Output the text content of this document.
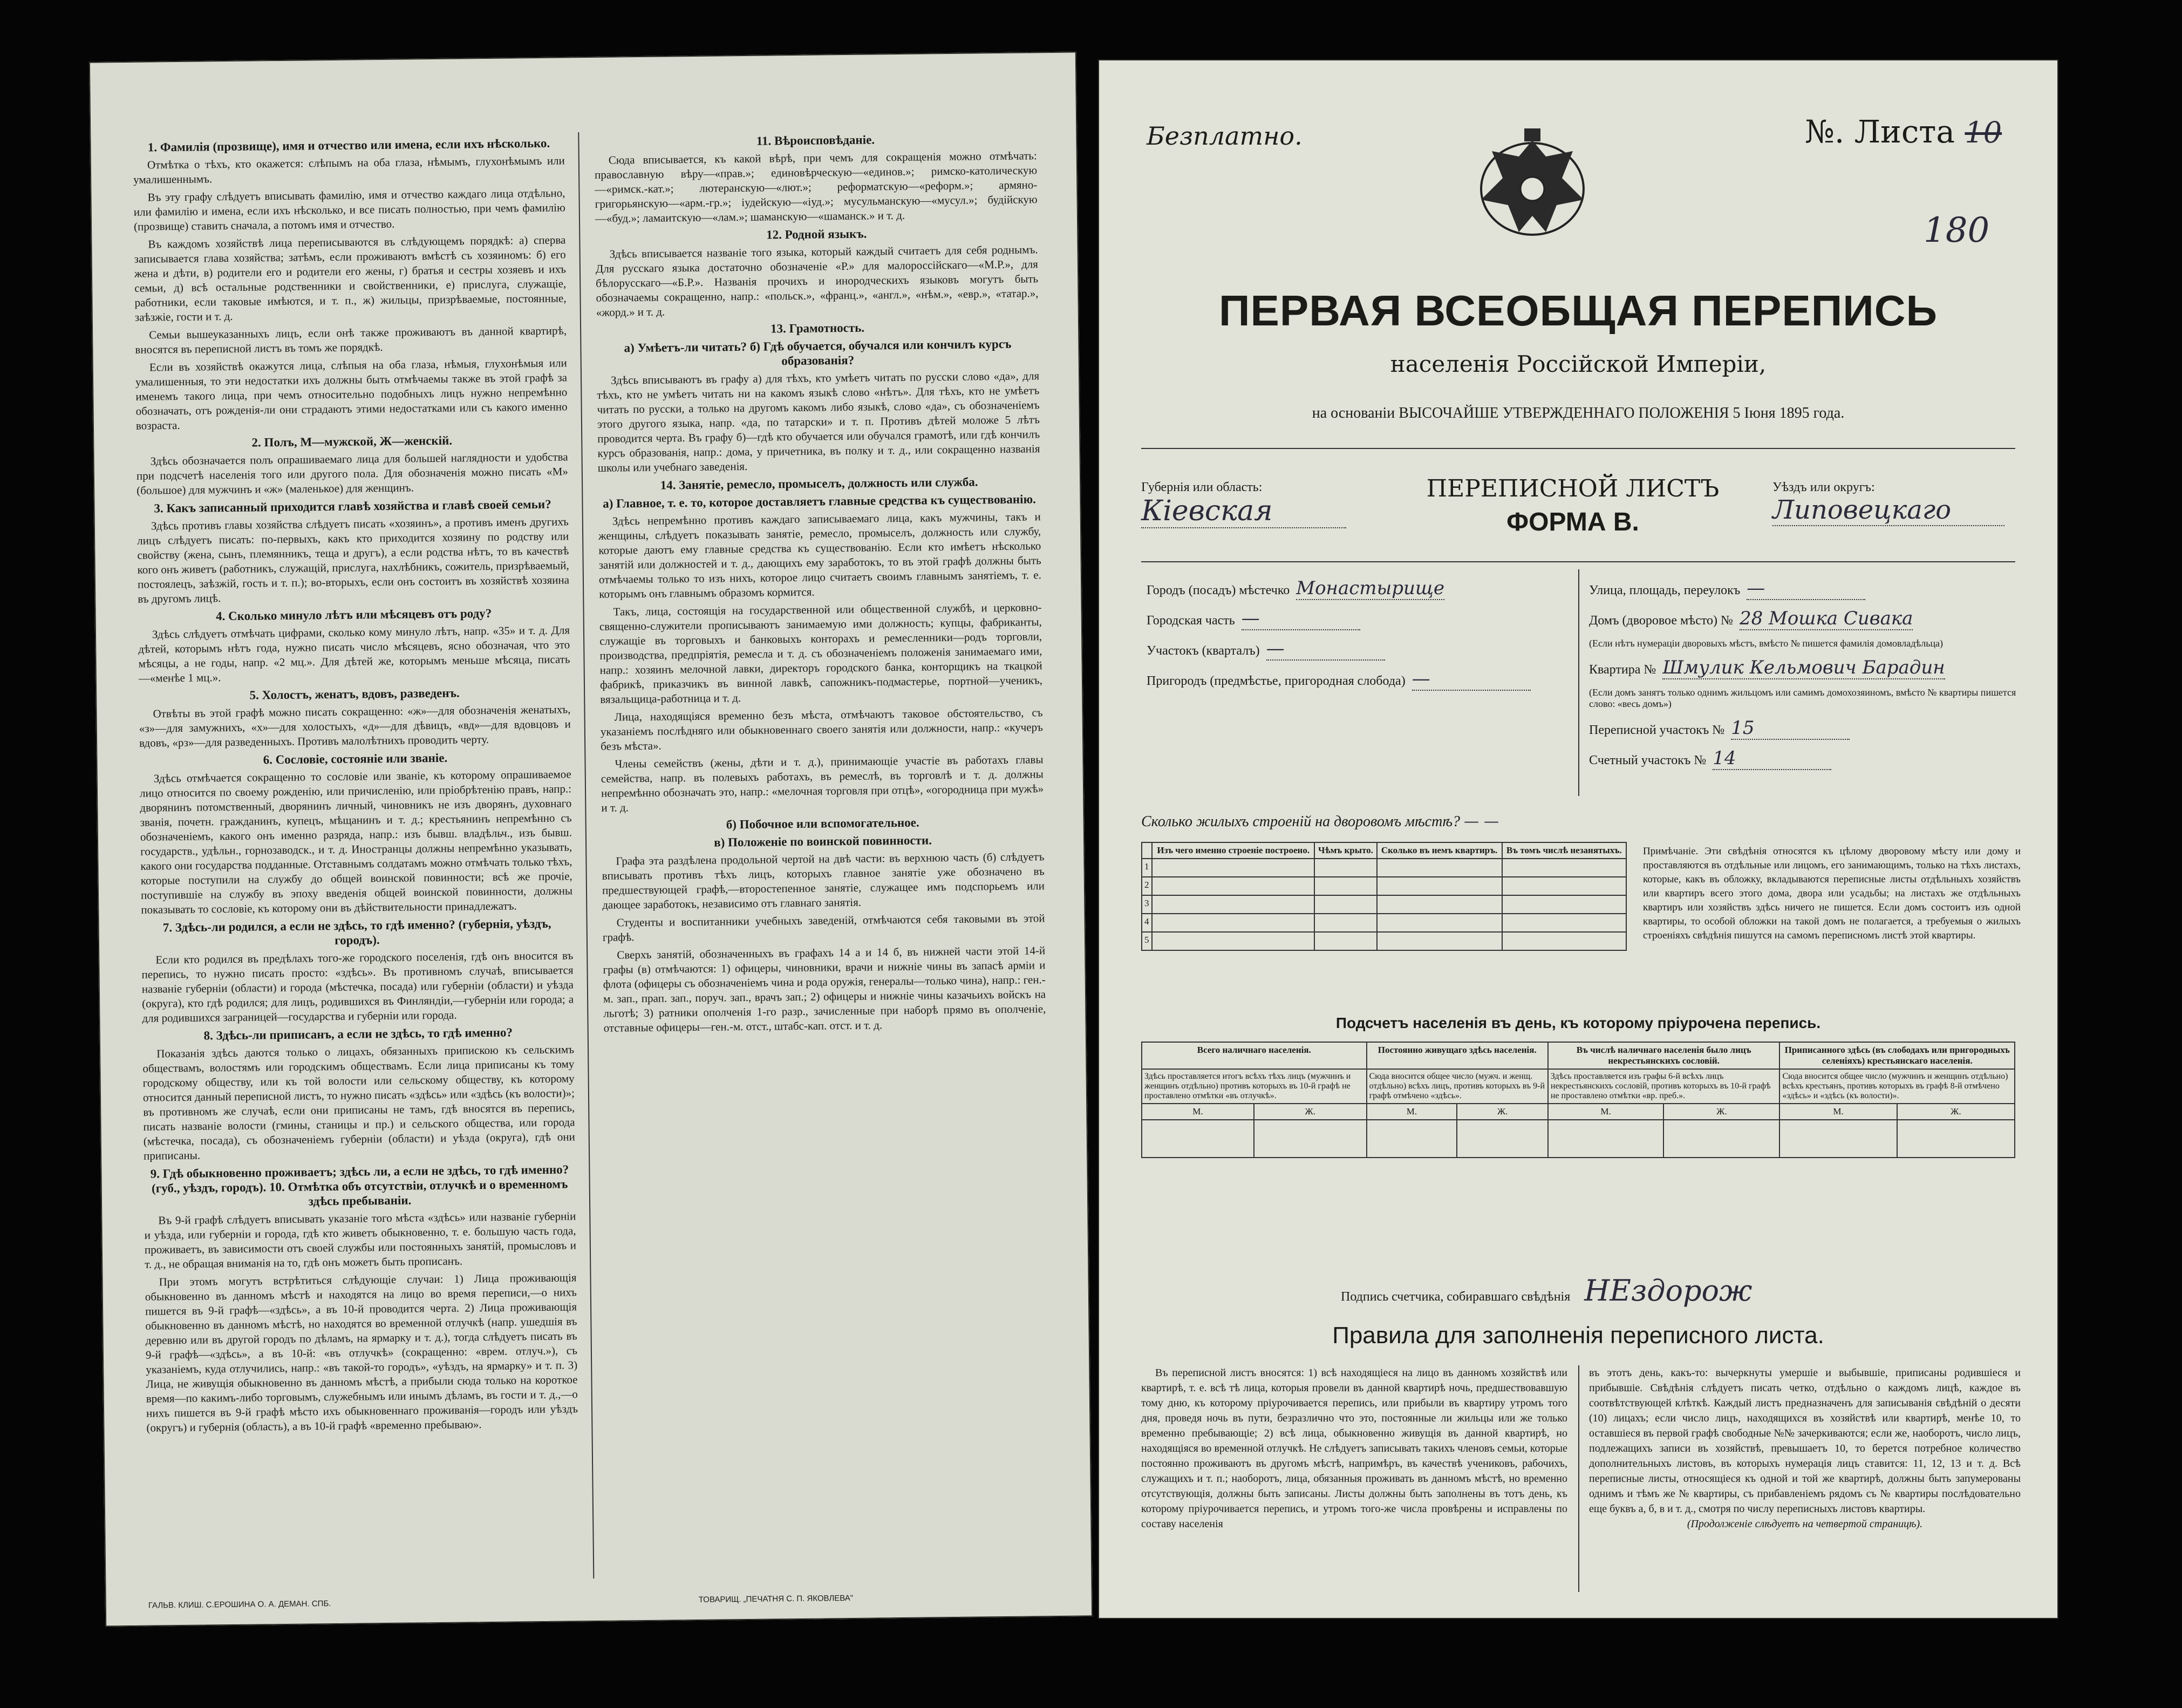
1. Фамилія (прозвище), имя и отчество или имена, если ихъ нѣсколько.

Отмѣтка о тѣхъ, кто окажется: слѣпымъ на оба глаза, нѣмымъ, глухонѣмымъ или умалишеннымъ.

Въ эту графу слѣдуетъ вписывать фамилію, имя и отчество каждаго лица отдѣльно, или фамилію и имена, если ихъ нѣсколько, и все писать полностью, при чемъ фамилію (прозвище) ставить сначала, а потомъ имя и отчество.

Въ каждомъ хозяйствѣ лица переписываются въ слѣдующемъ порядкѣ: а) сперва записывается глава хозяйства; затѣмъ, если проживаютъ вмѣстѣ съ хозяиномъ: б) его жена и дѣти, в) родители его и родители его жены, г) братья и сестры хозяевъ и ихъ семьи, д) всѣ остальные родственники и свойственники, е) прислуга, служащіе, работники, если таковые имѣются, и т. п., ж) жильцы, призрѣваемые, постоянные, заѣзжіе, гости и т. д.

Семьи вышеуказанныхъ лицъ, если онѣ также проживаютъ въ данной квартирѣ, вносятся въ переписной листъ въ томъ же порядкѣ.

Если въ хозяйствѣ окажутся лица, слѣпыя на оба глаза, нѣмыя, глухонѣмыя или умалишенныя, то эти недостатки ихъ должны быть отмѣчаемы также въ этой графѣ за именемъ такого лица, при чемъ относительно подобныхъ лицъ нужно непремѣнно обозначать, отъ рожденія-ли они страдаютъ этими недостатками или съ какого именно возраста.

2. Полъ, М—мужской, Ж—женскій.

Здѣсь обозначается полъ опрашиваемаго лица для большей наглядности и удобства при подсчетѣ населенія того или другого пола. Для обозначенія можно писать «М» (большое) для мужчинъ и «ж» (маленькое) для женщинъ.

3. Какъ записанный приходится главѣ хозяйства и главѣ своей семьи?

Здѣсь противъ главы хозяйства слѣдуетъ писать «хозяинъ», а противъ именъ другихъ лицъ слѣдуетъ писать: по-первыхъ, какъ кто приходится хозяину по родству или свойству (жена, сынъ, племянникъ, теща и другъ), а если родства нѣтъ, то въ качествѣ кого онъ живетъ (работникъ, служащій, прислуга, нахлѣбникъ, сожитель, призрѣваемый, постоялецъ, заѣзжій, гость и т. п.); во-вторыхъ, если онъ состоитъ въ хозяйствѣ хозяина въ другомъ лицѣ.

4. Сколько минуло лѣтъ или мѣсяцевъ отъ роду?

Здѣсь слѣдуетъ отмѣчать цифрами, сколько кому минуло лѣтъ, напр. «35» и т. д. Для дѣтей, которымъ нѣтъ года, нужно писать число мѣсяцевъ, ясно обозначая, что это мѣсяцы, а не годы, напр. «2 мц.». Для дѣтей же, которымъ меньше мѣсяца, писать—«менѣе 1 мц.».

5. Холостъ, женатъ, вдовъ, разведенъ.

Отвѣты въ этой графѣ можно писать сокращенно: «ж»—для обозначенія женатыхъ, «з»—для замужнихъ, «х»—для холостыхъ, «д»—для дѣвицъ, «вд»—для вдовцовъ и вдовъ, «рз»—для разведенныхъ. Противъ малолѣтнихъ проводить черту.

6. Сословіе, состояніе или званіе.

Здѣсь отмѣчается сокращенно то сословіе или званіе, къ которому опрашиваемое лицо относится по своему рожденію, или причисленію, или пріобрѣтенію правъ, напр.: дворянинъ потомственный, дворянинъ личный, чиновникъ не изъ дворянъ, духовнаго званія, почетн. гражданинъ, купецъ, мѣщанинъ и т. д.; крестьянинъ непремѣнно съ обозначеніемъ, какого онъ именно разряда, напр.: изъ бывш. владѣльч., изъ бывш. государств., удѣльн., горнозаводск., и т. д. Иностранцы должны непремѣнно указывать, какого они государства подданные. Отставнымъ солдатамъ можно отмѣчать только тѣхъ, которые поступили на службу до общей воинской повинности; всѣ же прочіе, поступившіе на службу въ эпоху введенія общей воинской повинности, должны показывать то сословіе, къ которому они въ дѣйствительности принадлежатъ.

7. Здѣсь-ли родился, а если не здѣсь, то гдѣ именно? (губернія, уѣздъ, городъ).

Если кто родился въ предѣлахъ того-же городского поселенія, гдѣ онъ вносится въ перепись, то нужно писать просто: «здѣсь». Въ противномъ случаѣ, вписывается названіе губерніи (области) и города (мѣстечка, посада) или губерніи (области) и уѣзда (округа), кто гдѣ родился; для лицъ, родившихся въ Финляндіи,—губерніи или города; а для родившихся заграницей—государства и губерніи или города.

8. Здѣсь-ли приписанъ, а если не здѣсь, то гдѣ именно?

Показанія здѣсь даются только о лицахъ, обязанныхъ припискою къ сельскимъ обществамъ, волостямъ или городскимъ обществамъ. Если лица приписаны къ тому городскому обществу, или къ той волости или сельскому обществу, къ которому относится данный переписной листъ, то нужно писать «здѣсь» или «здѣсь (къ волости)»; въ противномъ же случаѣ, если они приписаны не тамъ, гдѣ вносятся въ перепись, писать названіе волости (гмины, станицы и пр.) и сельского общества, или города (мѣстечка, посада), съ обозначеніемъ губерніи (области) и уѣзда (округа), гдѣ они приписаны.

9. Гдѣ обыкновенно проживаетъ; здѣсь ли, а если не здѣсь, то гдѣ именно? (губ., уѣздъ, городъ). 10. Отмѣтка объ отсутствіи, отлучкѣ и о временномъ здѣсь пребываніи.

Въ 9-й графѣ слѣдуетъ вписывать указаніе того мѣста «здѣсь» или названіе губерніи и уѣзда, или губерніи и города, гдѣ кто живетъ обыкновенно, т. е. большую часть года, проживаетъ, въ зависимости отъ своей службы или постоянныхъ занятій, промысловъ и т. д., не обращая вниманія на то, гдѣ онъ можетъ быть прописанъ.

При этомъ могутъ встрѣтиться слѣдующіе случаи: 1) Лица проживающія обыкновенно въ данномъ мѣстѣ и находятся на лицо во время переписи,—о нихъ пишется въ 9-й графѣ—«здѣсь», а въ 10-й проводится черта. 2) Лица проживающія обыкновенно въ данномъ мѣстѣ, но находятся во временной отлучкѣ (напр. ушедшія въ деревню или въ другой городъ по дѣламъ, на ярмарку и т. д.), тогда слѣдуетъ писать въ 9-й графѣ—«здѣсь», а въ 10-й: «въ отлучкѣ» (сокращенно: «врем. отлуч.»), съ указаніемъ, куда отлучились, напр.: «въ такой-то городъ», «уѣздъ, на ярмарку» и т. п. 3) Лица, не живущія обыкновенно въ данномъ мѣстѣ, а прибыли сюда только на короткое время—по какимъ-либо торговымъ, служебнымъ или инымъ дѣламъ, въ гости и т. д.,—о нихъ пишется въ 9-й графѣ мѣсто ихъ обыкновеннаго проживанія—городъ или уѣздъ (округъ) и губернія (область), а въ 10-й графѣ «временно пребываю».

11. Вѣроисповѣданіе.

Сюда вписывается, къ какой вѣрѣ, при чемъ для сокращенія можно отмѣчать: православную вѣру—«прав.»; единовѣрческую—«единов.»; римско-католическую—«римск.-кат.»; лютеранскую—«лют.»; реформатскую—«реформ.»; армяно-григорьянскую—«арм.-гр.»; іудейскую—«іуд.»; мусульманскую—«мусул.»; будійскую—«буд.»; ламаитскую—«лам.»; шаманскую—«шаманск.» и т. д.

12. Родной языкъ.

Здѣсь вписывается названіе того языка, который каждый считаетъ для себя роднымъ. Для русскаго языка достаточно обозначеніе «Р.» для малороссійскаго—«М.Р.», для бѣлорусскаго—«Б.Р.». Названія прочихъ и инородческихъ языковъ могутъ быть обозначаемы сокращенно, напр.: «польск.», «франц.», «англ.», «нѣм.», «евр.», «татар.», «жорд.» и т. д.

13. Грамотность.
а) Умѣетъ-ли читать? б) Гдѣ обучается, обучался или кончилъ курсъ образованія?

Здѣсь вписываютъ въ графу а) для тѣхъ, кто умѣетъ читать по русски слово «да», для тѣхъ, кто не умѣетъ читать ни на какомъ языкѣ слово «нѣтъ». Для тѣхъ, кто не умѣетъ читать по русски, а только на другомъ какомъ либо языкѣ, слово «да», съ обозначеніемъ этого другого языка, напр. «да, по татарски» и т. п. Противъ дѣтей моложе 5 лѣтъ проводится черта. Въ графу б)—гдѣ кто обучается или обучался грамотѣ, или гдѣ кончилъ курсъ образованія, напр.: дома, у причетника, въ полку и т. д., или сокращенно названія школы или учебнаго заведенія.

14. Занятіе, ремесло, промыселъ, должность или служба.
а) Главное, т. е. то, которое доставляетъ главные средства къ существованію.

Здѣсь непремѣнно противъ каждаго записываемаго лица, какъ мужчины, такъ и женщины, слѣдуетъ показывать занятіе, ремесло, промыселъ, должность или службу, которые даютъ ему главные средства къ существованію. Если кто имѣетъ нѣсколько занятій или должностей и т. д., дающихъ ему заработокъ, то въ этой графѣ должны быть отмѣчаемы только то изъ нихъ, которое лицо считаетъ своимъ главнымъ занятіемъ, т. е. которымъ онъ главнымъ образомъ кормится.

Такъ, лица, состоящія на государственной или общественной службѣ, и церковно-священно-служители прописываютъ занимаемую ими должность; купцы, фабриканты, служащіе въ торговыхъ и банковыхъ конторахъ и ремесленники—родъ торговли, производства, предпріятія, ремесла и т. д. съ обозначеніемъ положенія занимаемаго ими, напр.: хозяинъ мелочной лавки, директоръ городского банка, конторщикъ на ткацкой фабрикѣ, приказчикъ въ винной лавкѣ, сапожникъ-подмастерье, портной—ученикъ, вязальщица-работница и т. д.

Лица, находящіяся временно безъ мѣста, отмѣчаютъ таковое обстоятельство, съ указаніемъ послѣдняго или обыкновеннаго своего занятія или должности, напр.: «кучеръ безъ мѣста».

Члены семействъ (жены, дѣти и т. д.), принимающіе участіе въ работахъ главы семейства, напр. въ полевыхъ работахъ, въ ремеслѣ, въ торговлѣ и т. д. должны непремѣнно обозначать это, напр.: «мелочная торговля при отцѣ», «огородница при мужѣ» и т. д.

б) Побочное или вспомогательное.
в) Положеніе по воинской повинности.

Графа эта раздѣлена продольной чертой на двѣ части: въ верхнюю часть (б) слѣдуетъ вписывать противъ тѣхъ лицъ, которыхъ главное занятіе уже обозначено въ предшествующей графѣ,—второстепенное занятіе, служащее имъ подспорьемъ или дающее заработокъ, независимо отъ главнаго занятія.

Студенты и воспитанники учебныхъ заведеній, отмѣчаются себя таковыми въ этой графѣ.

Сверхъ занятій, обозначенныхъ въ графахъ 14 а и 14 б, въ нижней части этой 14-й графы (в) отмѣчаются: 1) офицеры, чиновники, врачи и нижніе чины въ запасѣ арміи и флота (офицеры съ обозначеніемъ чина и рода оружія, генералы—только чина), напр.: ген.-м. зап., прап. зап., поруч. зап., врачъ зап.; 2) офицеры и нижніе чины казачьихъ войскъ на льготѣ; 3) ратники ополченія 1-го разр., зачисленные при наборѣ прямо въ ополченіе, отставные офицеры—ген.-м. отст., штабс-кап. отст. и т. д.

ГАЛЬВ. КЛИШ. С.ЕРОШИНА О. А. ДЕМАН. СПБ.
ТОВАРИЩ. „ПЕЧАТНЯ С. П. ЯКОВЛЕВА"
Безплатно.	№. Листа 10
180
ПЕРВАЯ ВСЕОБЩАЯ ПЕРЕПИСЬ
населенія Россійской Имперіи,
на основаніи ВЫСОЧАЙШЕ УТВЕРЖДЕННАГО ПОЛОЖЕНІЯ 5 Іюня 1895 года.
ПЕРЕПИСНОЙ ЛИСТЪ
ФОРМА В.
Губернія или область:
Кіевская
Уѣздъ или округъ:
Липовецкаго
Городъ (посадъ) мѣстечко Монастырище
Городская часть —
Участокъ (кварталъ) —
Пригородъ (предмѣстье, пригородная слобода) —
Улица, площадь, переулокъ —
Домъ (дворовое мѣсто) № 28 Мошка Сивака
(Если нѣтъ нумераціи дворовыхъ мѣстъ, вмѣсто № пишется фамилія домовладѣльца)
Квартира № Шмулик Кельмович Барадин
(Если домъ занятъ только однимъ жильцомъ или самимъ домохозяиномъ, вмѣсто № квартиры пишется слово: «весь домъ»)
Переписной участокъ № 15
Счетный участокъ № 14
Сколько жилыхъ строеній на дворовомъ мѣстѣ? — —
	Изъ чего именно строеніе построено.	Чѣмъ крыто.	Сколько въ немъ квартиръ.	Въ томъ числѣ незанятыхъ.
1				
2				
3				
4				
5				
Примѣчаніе. Эти свѣдѣнія относятся къ цѣлому дворовому мѣсту или дому и проставляются въ отдѣльные или лицомъ, его занимающимъ, только на тѣхъ листахъ, которые, какъ въ обложку, вкладываются переписные листы отдѣльныхъ хозяйствъ или квартиръ всего этого дома, двора или усадьбы; на листахъ же отдѣльныхъ квартиръ или хозяйствъ здѣсь ничего не пишется. Если домъ состоитъ изъ одной квартиры, то особой обложки на такой домъ не полагается, а требуемыя о жилыхъ строеніяхъ свѣдѣнія пишутся на самомъ переписномъ листѣ этой квартиры.
Подсчетъ населенія въ день, къ которому пріурочена перепись.
Всего наличнаго населенія.		Постоянно живущаго здѣсь населенія.		Въ числѣ наличнаго населенія было лицъ некрестьянскихъ сословій.		Приписанного здѣсь (въ слободахъ или пригородныхъ селеніяхъ) крестьянскаго населенія.	
Здѣсь проставляется итогъ всѣхъ тѣхъ лицъ (мужчинъ и женщинъ отдѣльно) противъ которыхъ въ 10-й графѣ не проставлено отмѣтки «въ отлучкѣ».		Сюда вносится общее число (мужч. и женщ. отдѣльно) всѣхъ лицъ, противъ которыхъ въ 9-й графѣ отмѣчено «здѣсь».		Здѣсь проставляется изъ графы 6-й всѣхъ лицъ некрестьянскихъ сословій, противъ которыхъ въ 10-й графѣ не проставлено отмѣтки «вр. преб.».		Сюда вносится общее число (мужчинъ и женщинъ отдѣльно) всѣхъ крестьянъ, противъ которыхъ въ графѣ 8-й отмѣчено «здѣсь» и «здѣсь (къ волости)».	
М.	Ж.	М.	Ж.	М.	Ж.	М.	Ж.

Подпись счетчика, собиравшаго свѣдѣнія НЕздорож
Правила для заполненія переписного листа.
Въ переписной листъ вносятся: 1) всѣ находящіеся на лицо въ данномъ хозяйствѣ или квартирѣ, т. е. всѣ тѣ лица, которыя провели въ данной квартирѣ ночь, предшествовавшую тому дню, къ которому пріурочивается перепись, или прибыли въ квартиру утромъ того дня, проведя ночь въ пути, безразлично что это, постоянные ли жильцы или же только временно пребывающіе; 2) всѣ лица, обыкновенно живущія въ данной квартирѣ, но находящіяся во временной отлучкѣ. Не слѣдуетъ записывать такихъ членовъ семьи, которые постоянно проживаютъ въ другомъ мѣстѣ, напримѣръ, въ качествѣ учениковъ, рабочихъ, служащихъ и т. п.; наоборотъ, лица, обязанныя проживать въ данномъ мѣстѣ, но временно отсутствующія, должны быть записаны. Листы должны быть заполнены въ тотъ день, къ которому пріурочивается перепись, и утромъ того-же числа провѣрены и исправлены по составу населенія
въ этотъ день, какъ-то: вычеркнуты умершіе и выбывшіе, приписаны родившіеся и прибывшіе. Свѣдѣнія слѣдуетъ писать четко, отдѣльно о каждомъ лицѣ, каждое въ соотвѣтствующей клѣткѣ. Каждый листъ предназначенъ для записыванія свѣдѣній о десяти (10) лицахъ; если число лицъ, находящихся въ хозяйствѣ или квартирѣ, менѣе 10, то оставшіеся въ первой графѣ свободные №№ зачеркиваются; если же, наоборотъ, число лицъ, подлежащихъ записи въ хозяйствѣ, превышаетъ 10, то берется потребное количество дополнительныхъ листовъ, въ которыхъ нумерація лицъ ставится: 11, 12, 13 и т. д. Всѣ переписные листы, относящіеся къ одной и той же квартирѣ, должны быть запумерованы однимъ и тѣмъ же № квартиры, съ прибавленіемъ рядомъ съ № квартиры послѣдовательно еще буквъ а, б, в и т. д., смотря по числу переписныхъ листовъ квартиры.
(Продолженіе слѣдуетъ на четвертой страницѣ).
